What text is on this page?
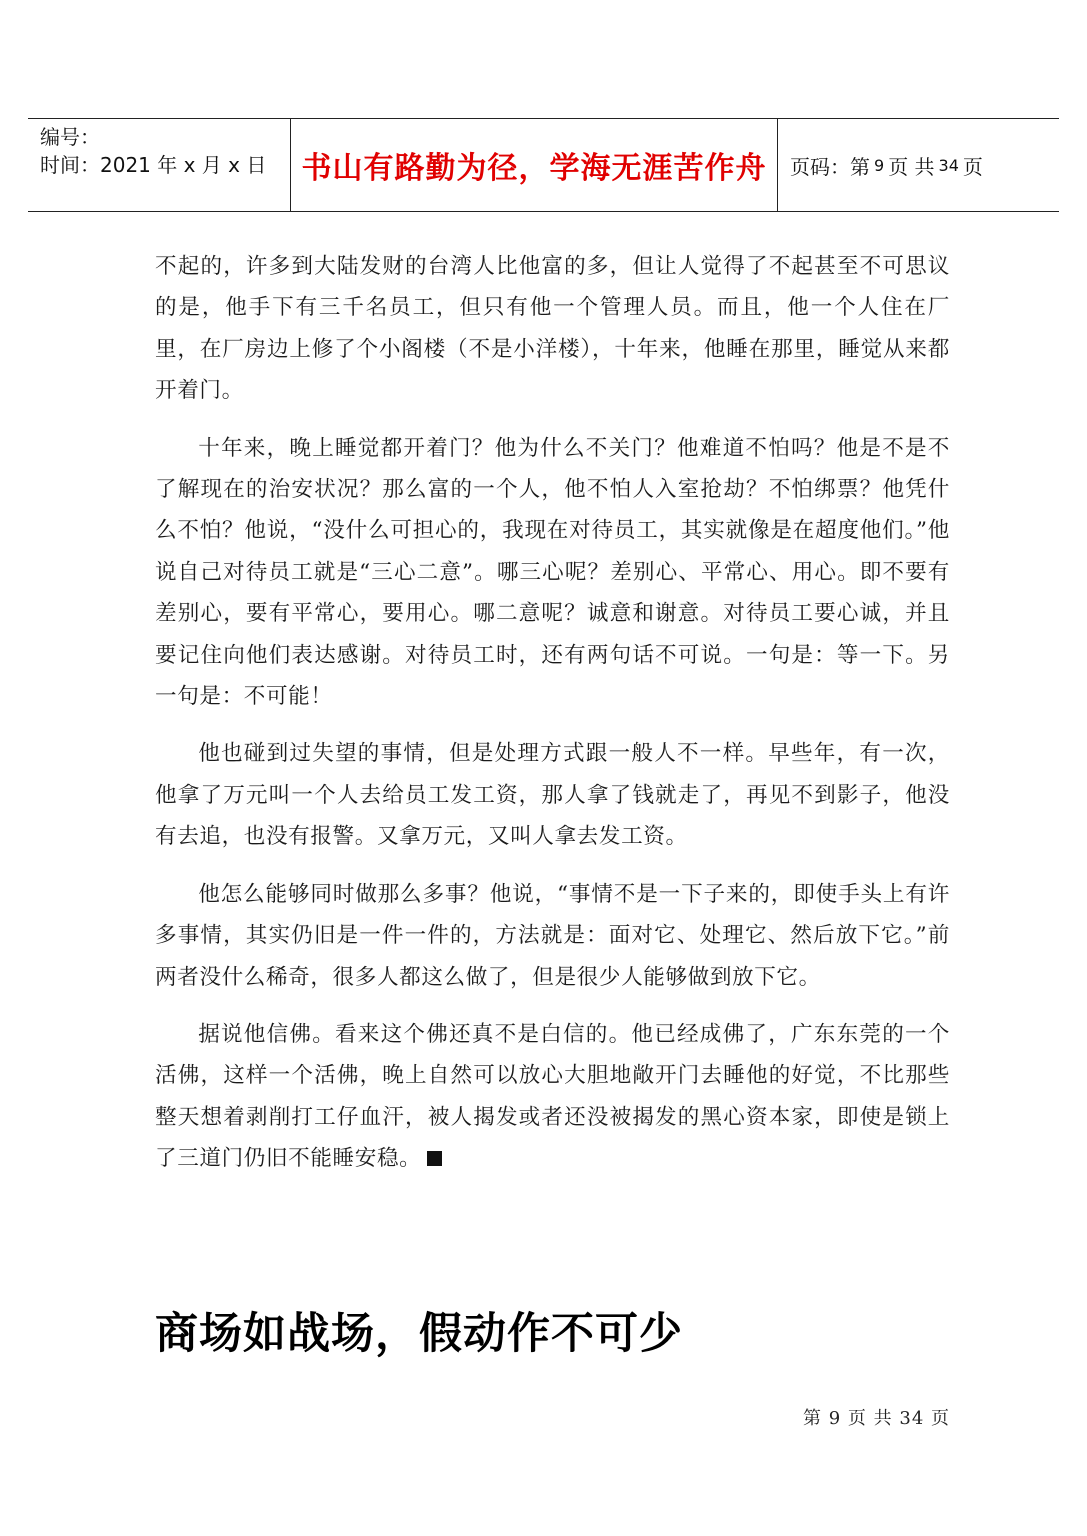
编号：
时间：2021 年 x 月 x 日	书山有路勤为径，学海无涯苦作舟	页码：第 9 页 共 34 页

不起的，许多到大陆发财的台湾人比他富的多，但让人觉得了不起甚至不可思议的是，他手下有三千名员工，但只有他一个管理人员。而且，他一个人住在厂里，在厂房边上修了个小阁楼（不是小洋楼），十年来，他睡在那里，睡觉从来都开着门。

十年来，晚上睡觉都开着门？他为什么不关门？他难道不怕吗？他是不是不了解现在的治安状况？那么富的一个人，他不怕人入室抢劫？不怕绑票？他凭什么不怕？他说，“没什么可担心的，我现在对待员工，其实就像是在超度他们。”他说自己对待员工就是“三心二意”。哪三心呢？差别心、平常心、用心。即不要有差别心，要有平常心，要用心。哪二意呢？诚意和谢意。对待员工要心诚，并且要记住向他们表达感谢。对待员工时，还有两句话不可说。一句是：等一下。另一句是：不可能！

他也碰到过失望的事情，但是处理方式跟一般人不一样。早些年，有一次，他拿了万元叫一个人去给员工发工资，那人拿了钱就走了，再见不到影子，他没有去追，也没有报警。又拿万元，又叫人拿去发工资。

他怎么能够同时做那么多事？他说，“事情不是一下子来的，即使手头上有许多事情，其实仍旧是一件一件的，方法就是：面对它、处理它、然后放下它。”前两者没什么稀奇，很多人都这么做了，但是很少人能够做到放下它。

据说他信佛。看来这个佛还真不是白信的。他已经成佛了，广东东莞的一个活佛，这样一个活佛，晚上自然可以放心大胆地敞开门去睡他的好觉，不比那些整天想着剥削打工仔血汗，被人揭发或者还没被揭发的黑心资本家，即使是锁上了三道门仍旧不能睡安稳。

商场如战场，假动作不可少
第 9 页 共 34 页
